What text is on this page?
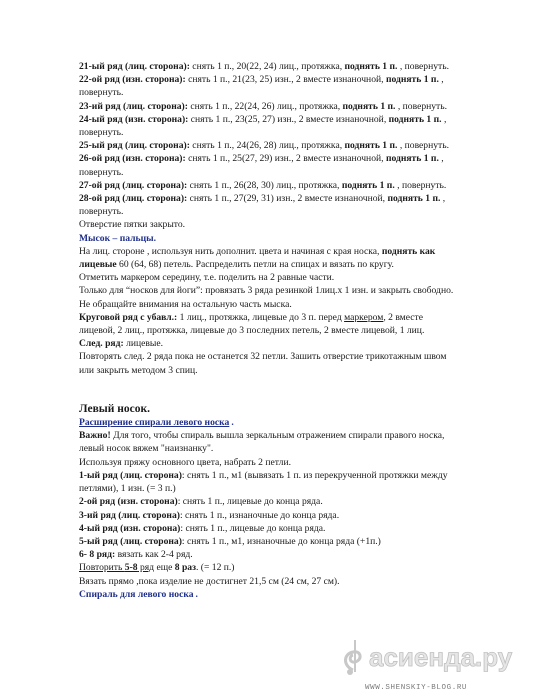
21-ый ряд (лиц. сторона): снять 1 п., 20(22, 24) лиц., протяжка, поднять 1 п. , повернуть.

22-ой ряд (изн. сторона): снять 1 п., 21(23, 25) изн., 2 вместе изнаночной, поднять 1 п. , повернуть.

23-ий ряд (лиц. сторона): снять 1 п., 22(24, 26) лиц., протяжка, поднять 1 п. , повернуть.

24-ый ряд (изн. сторона): снять 1 п., 23(25, 27) изн., 2 вместе изнаночной, поднять 1 п. , повернуть.

25-ый ряд (лиц. сторона): снять 1 п., 24(26, 28) лиц., протяжка, поднять 1 п. , повернуть.

26-ой ряд (изн. сторона): снять 1 п., 25(27, 29) изн., 2 вместе изнаночной, поднять 1 п. , повернуть.

27-ой ряд (лиц. сторона): снять 1 п., 26(28, 30) лиц., протяжка, поднять 1 п. , повернуть.

28-ой ряд (лиц. сторона): снять 1 п., 27(29, 31) изн., 2 вместе изнаночной, поднять 1 п. , повернуть.

Отверстие пятки закрыто.

Мысок – пальцы.

На лиц. стороне , используя нить дополнит. цвета и начиная с края носка, поднять как лицевые 60 (64, 68) петель. Распределить петли на спицах и вязать по кругу.

Отметить маркером середину, т.е. поделить на 2 равные части.

Только для “носков для йоги”: провязать 3 ряда резинкой 1лиц.х 1 изн. и закрыть свободно. Не обращайте внимания на остальную часть мыска.

Круговой ряд с убавл.: 1 лиц., протяжка, лицевые до 3 п. перед маркером, 2 вместе лицевой, 2 лиц., протяжка, лицевые до 3 последних петель, 2 вместе лицевой, 1 лиц.

След. ряд: лицевые.

Повторять след. 2 ряда пока не останется 32 петли. Зашить отверстие трикотажным швом или закрыть методом 3 спиц.

Левый носок.

Расширение спирали левого носка .

Важно! Для того, чтобы спираль вышла зеркальным отражением спирали правого носка, левый носок вяжем "наизнанку".

Используя пряжу основного цвета, набрать 2 петли.

1-ый ряд (лиц. сторона): снять 1 п., м1 (вывязать 1 п. из перекрученной протяжки между петлями), 1 изн. (= 3 п.)

2-ой ряд (изн. сторона): снять 1 п., лицевые до конца ряда.

3-ий ряд (лиц. сторона): снять 1 п., изнаночные до конца ряда.

4-ый ряд (изн. сторона): снять 1 п., лицевые до конца ряда.

5-ый ряд (лиц. сторона): снять 1 п., м1, изнаночные до конца ряда (+1п.)

6- 8 ряд: вязать как 2-4 ряд.

Повторить 5-8 ряд еще 8 раз. (= 12 п.)

Вязать прямо ,пока изделие не достигнет 21,5 см (24 см, 27 см).

Спираль для левого носка .

асиенда.ру
WWW.SHENSKIY-BLOG.RU
